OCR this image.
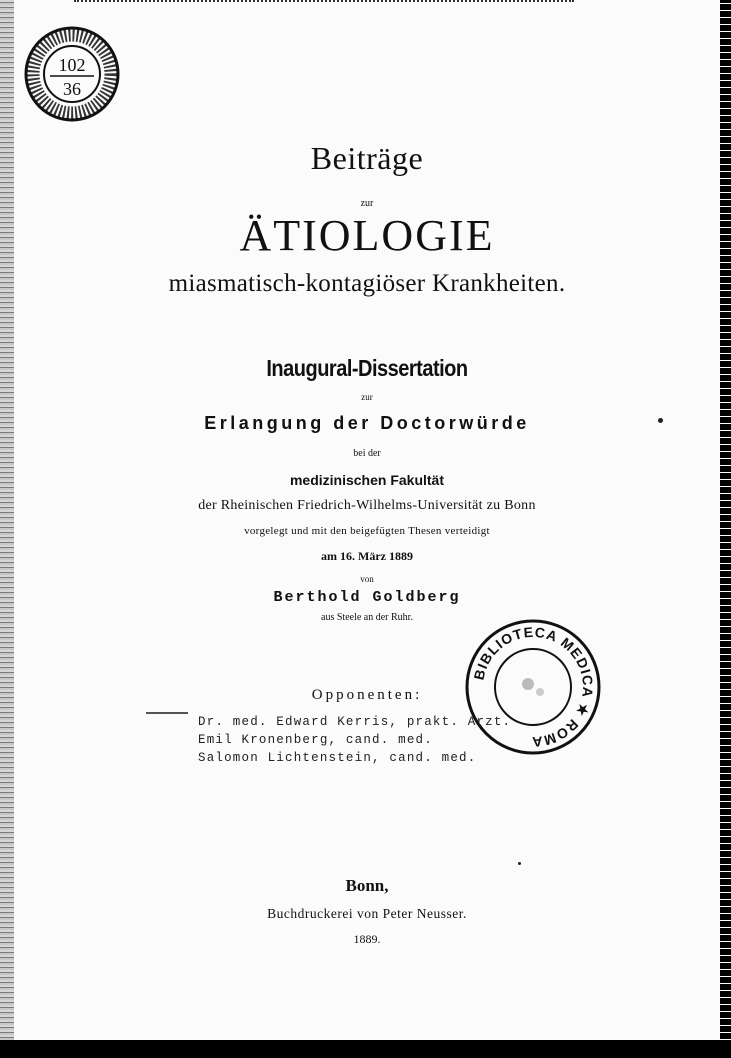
102
36
Beiträge
zur
ÄTIOLOGIE
miasmatisch-kontagiöser Krankheiten.
Inaugural-Dissertation
zur
Erlangung der Doctorwürde
bei der
medizinischen Fakultät
der Rheinischen Friedrich-Wilhelms-Universität zu Bonn
vorgelegt und mit den beigefügten Thesen verteidigt
am 16. März 1889
von
Berthold Goldberg
aus Steele an der Ruhr.
BIBLIOTECA MEDICA ★ ROMA
Opponenten:
Dr. med. Edward Kerris, prakt. Arzt.
Emil Kronenberg, cand. med.
Salomon Lichtenstein, cand. med.
Bonn,
Buchdruckerei von Peter Neusser.
1889.
